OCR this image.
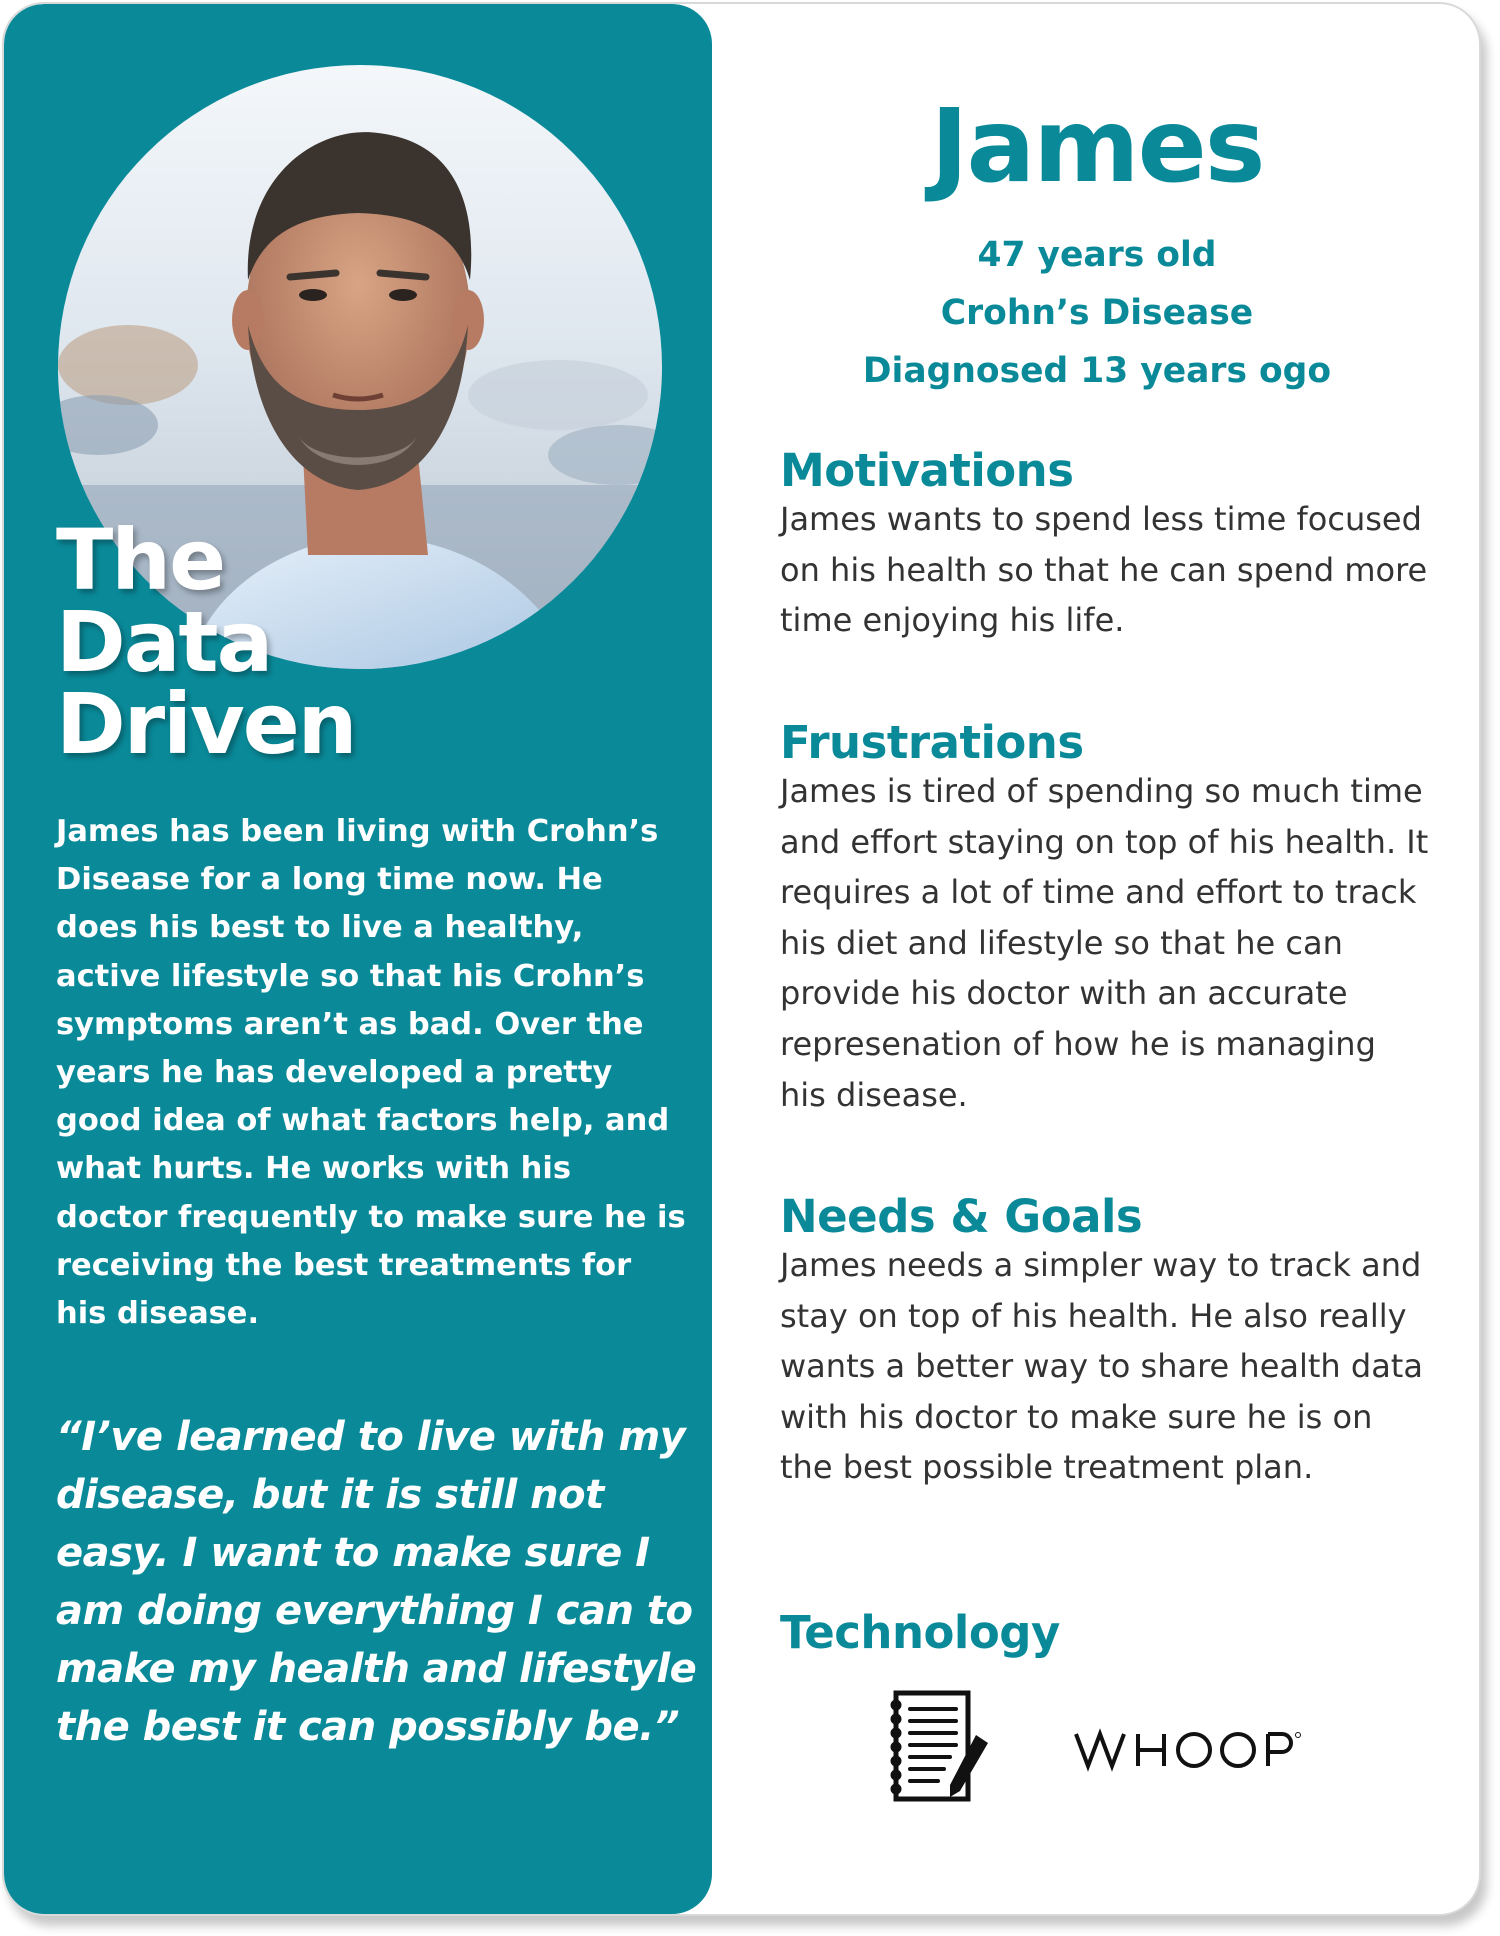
The
Data
Driven

James has been living with Crohn’s Disease for a long time now. He does his best to live a healthy, active lifestyle so that his Crohn’s symptoms aren’t as bad. Over the years he has developed a pretty good idea of what factors help, and what hurts. He works with his doctor frequently to make sure he is receiving the best treatments for his disease.

“I’ve learned to live with my disease, but it is still not easy. I want to make sure I am doing everything I can to make my health and lifestyle the best it can possibly be.”

James
47 years old
Crohn’s Disease
Diagnosed 13 years ogo
Motivations

James wants to spend less time focused on his health so that he can spend more time enjoying his life.

Frustrations

James is tired of spending so much time and effort staying on top of his health. It requires a lot of time and effort to track his diet and lifestyle so that he can provide his doctor with an accurate represenation of how he is managing his disease.

Needs & Goals

James needs a simpler way to track and stay on top of his health. He also really wants a better way to share health data with his doctor to make sure he is on the best possible treatment plan.

Technology
